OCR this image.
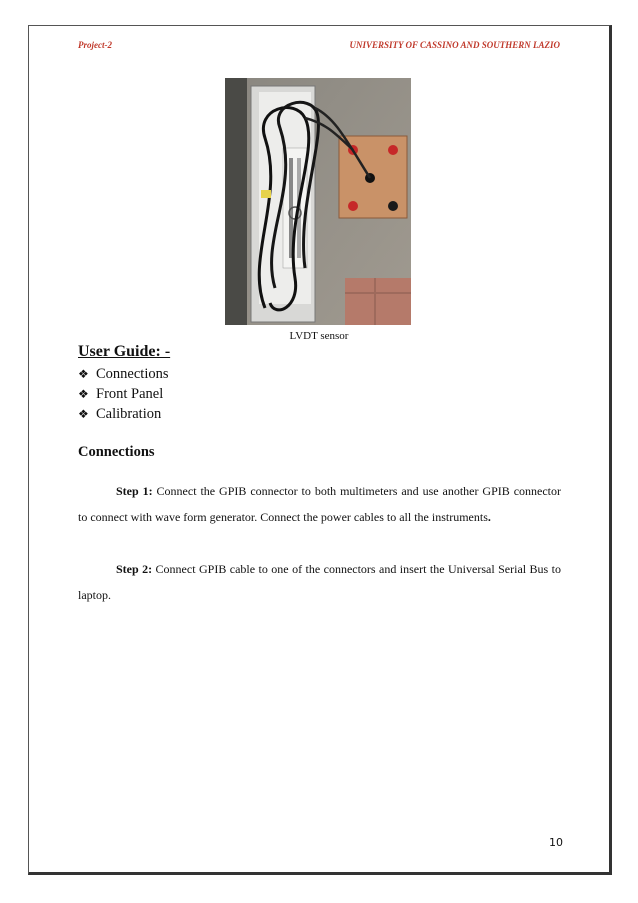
Project-2	UNIVERSITY OF CASSINO AND SOUTHERN LAZIO
LVDT sensor
User Guide: -
❖ Connections
❖ Front Panel
❖ Calibration
Connections

Step 1: Connect the GPIB connector to both multimeters and use another GPIB connector to connect with wave form generator. Connect the power cables to all the instruments.

Step 2: Connect GPIB cable to one of the connectors and insert the Universal Serial Bus to laptop.

10
